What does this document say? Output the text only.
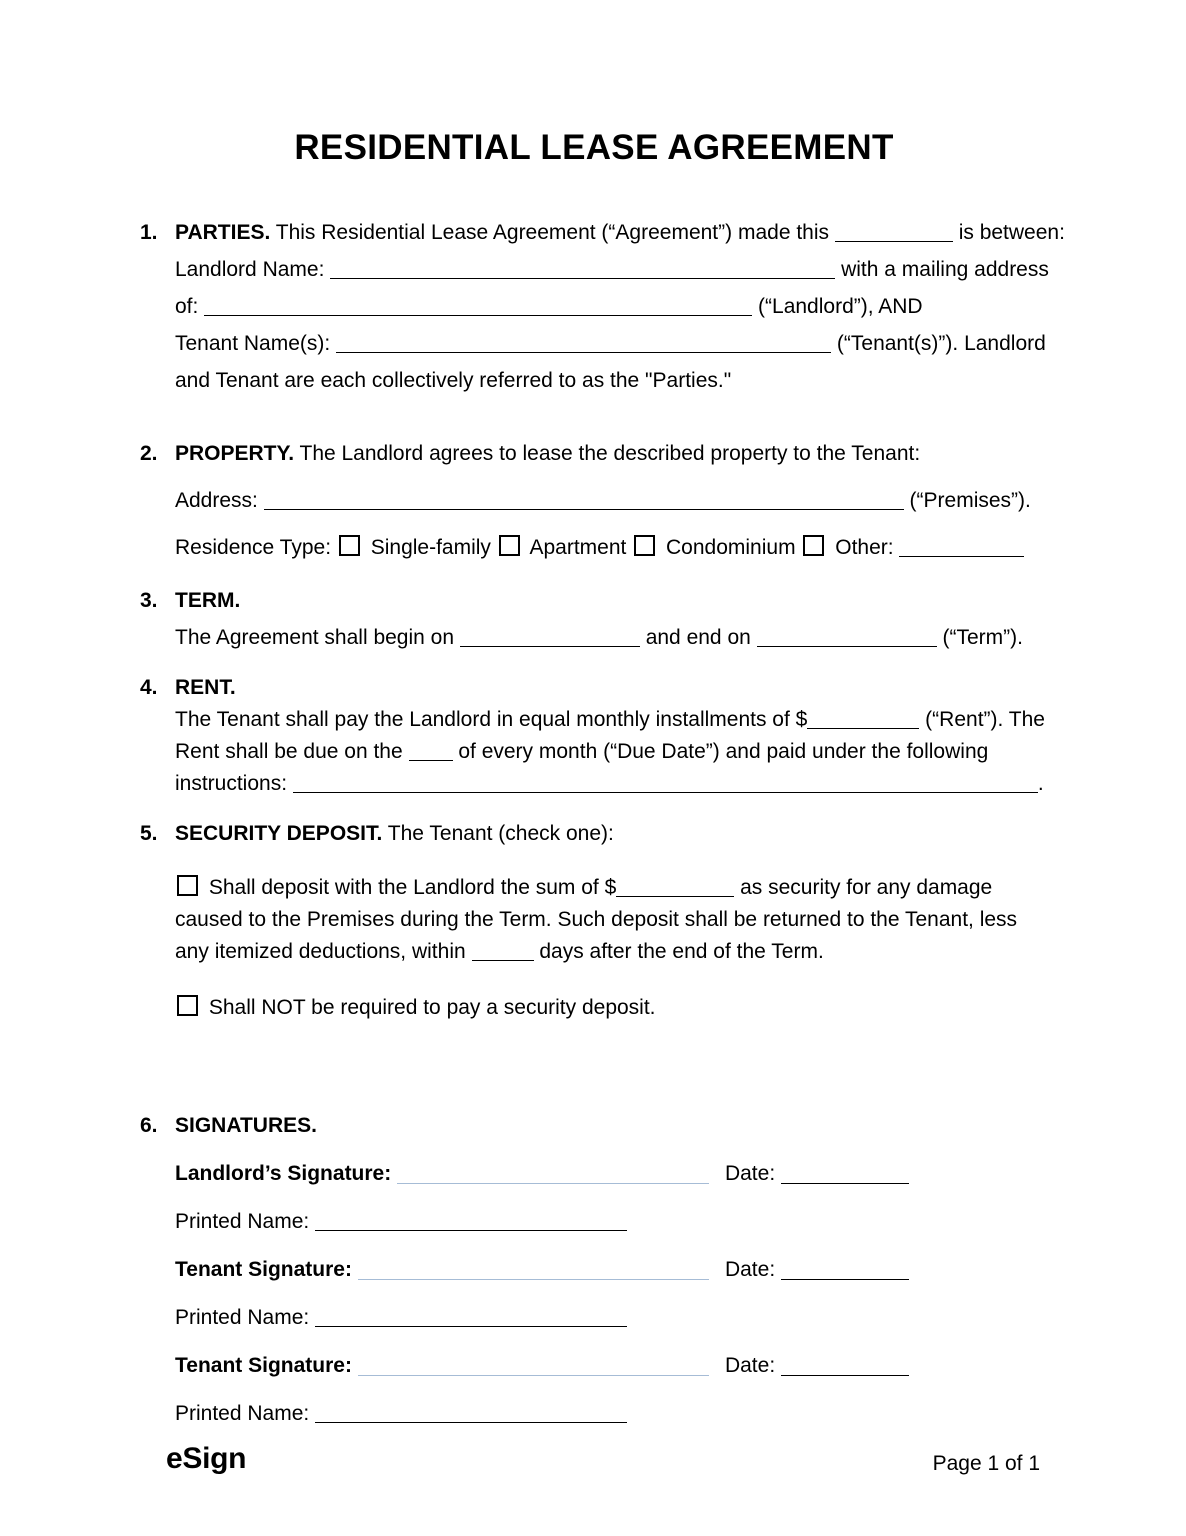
RESIDENTIAL LEASE AGREEMENT
1. PARTIES. This Residential Lease Agreement (“Agreement”) made this	is between:
Landlord Name:	with a mailing address
of:	(“Landlord”), AND
Tenant Name(s):	(“Tenant(s)”). Landlord
and Tenant are each collectively referred to as the "Parties."
2. PROPERTY. The Landlord agrees to lease the described property to the Tenant:
Address:	(“Premises”).
Residence Type:  Single-family  Apartment  Condominium  Other:
3. TERM.
The Agreement shall begin on	and end on	(“Term”).
4. RENT.
The Tenant shall pay the Landlord in equal monthly installments of $	(“Rent”). The
Rent shall be due on the  of every month (“Due Date”) and paid under the following
instructions:	.
5. SECURITY DEPOSIT. The Tenant (check one):
Shall deposit with the Landlord the sum of $	as security for any damage caused to the Premises during the Term. Such deposit shall be returned to the Tenant, less any itemized deductions, within	days after the end of the Term.
Shall NOT be required to pay a security deposit.
6. SIGNATURES.
Landlord’s Signature:	Date:
Printed Name:
Tenant Signature:	Date:
Printed Name:
Tenant Signature:	Date:
Printed Name:
eSign	Page 1 of 1
